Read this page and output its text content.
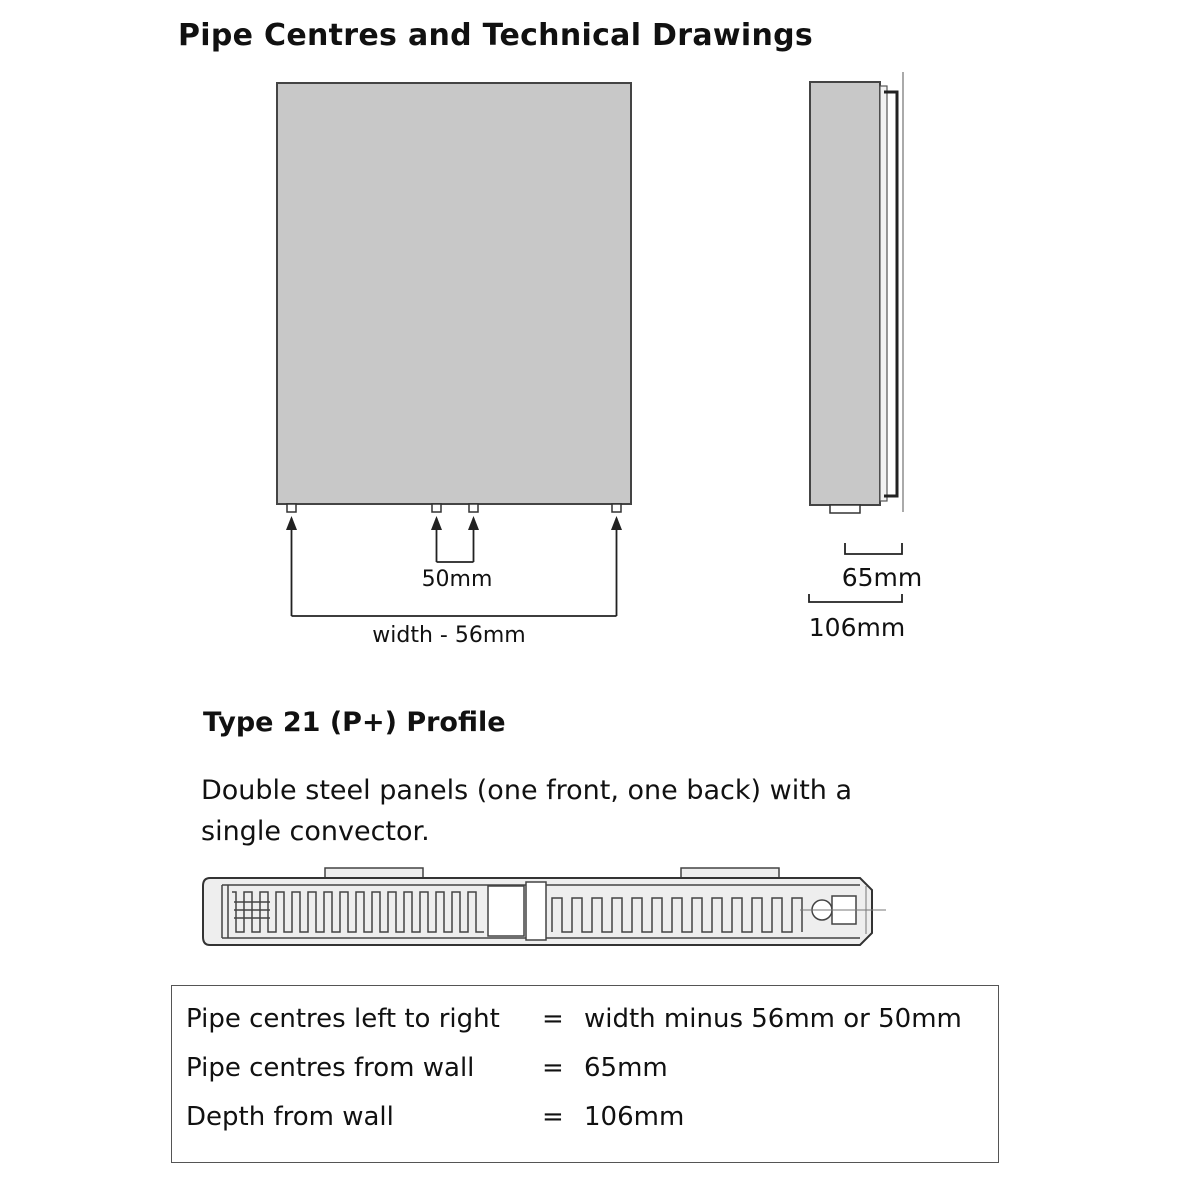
Pipe Centres and Technical Drawings
50mm
width - 56mm
65mm
106mm
Type 21 (P+) Profile

Double steel panels (one front, one back) with a single convector.

Pipe centres left to right = width minus 56mm or 50mm
Pipe centres from wall	= 65mm
Depth from wall	= 106mm
